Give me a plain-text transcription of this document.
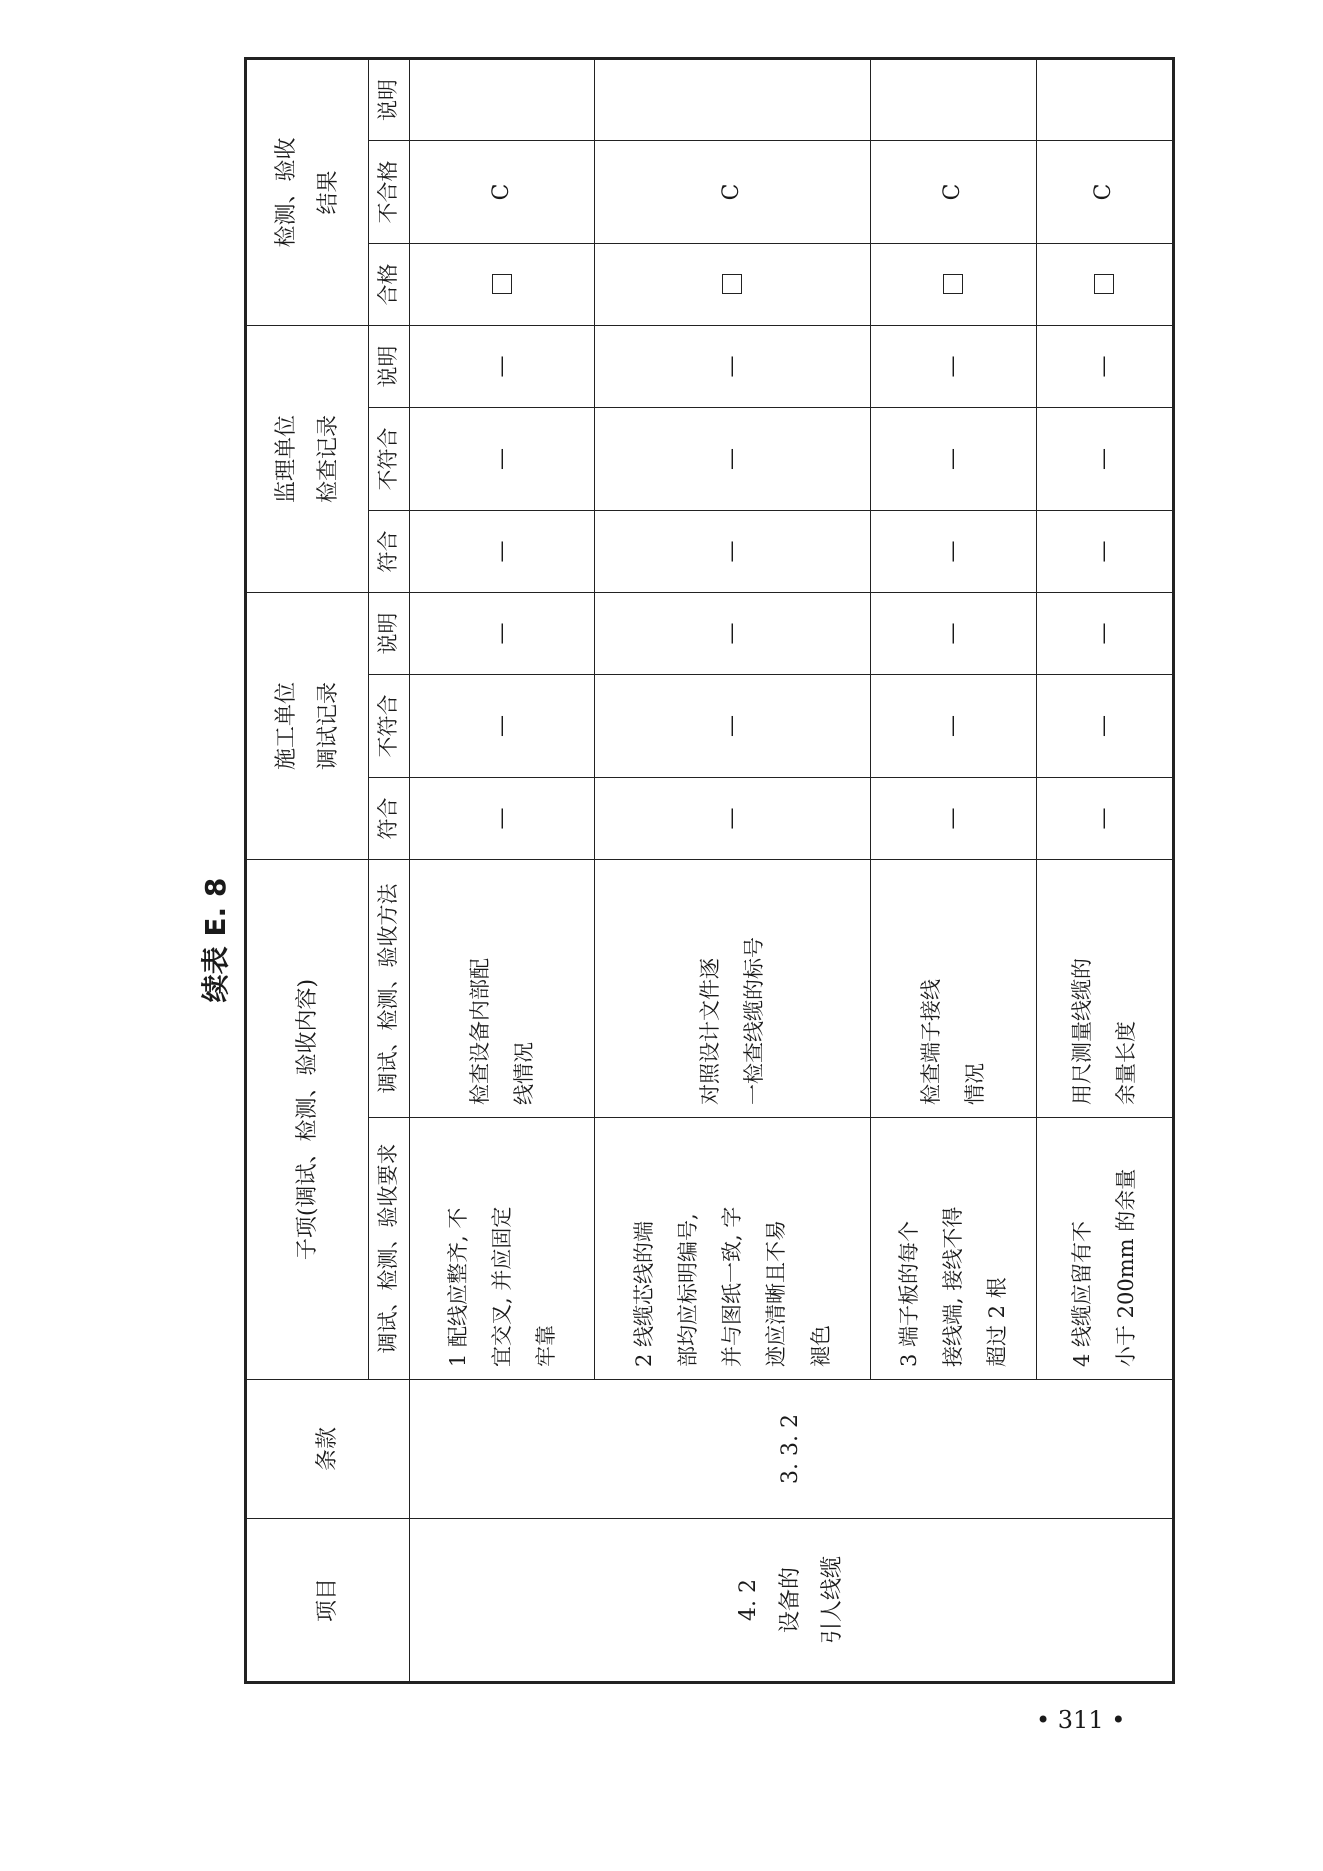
续表 E. 8
项目	条款	子项(调试、检测、验收内容)		施工单位 调试记录			监理单位 检查记录			检测、验收 结果		

		调试、检测、验收要求	调试、检测、验收方法	符合	不符合	说明	符合	不符合	说明	合格	不合格	说明

4. 2 设备的 引人线缆	3. 3. 2	1 配线应整齐, 不 宜交叉, 并应固定 牢靠	检查设备内部配 线情况	—	—	—	—	—	—		C	

		2 线缆芯线的端 部均应标明编号, 并与图纸一致, 字 迹应清晰且不易 褪色	对照设计文件逐 一检查线缆的标号	—	—	—	—	—	—		C	

		3 端子板的每个 接线端, 接线不得 超过 2 根	检查端子接线 情况	—	—	—	—	—	—		C	

		4 线缆应留有不 小于 200mm 的余量	用尺测量线缆的 余量长度	—	—	—	—	—	—		C	
• 311 •
